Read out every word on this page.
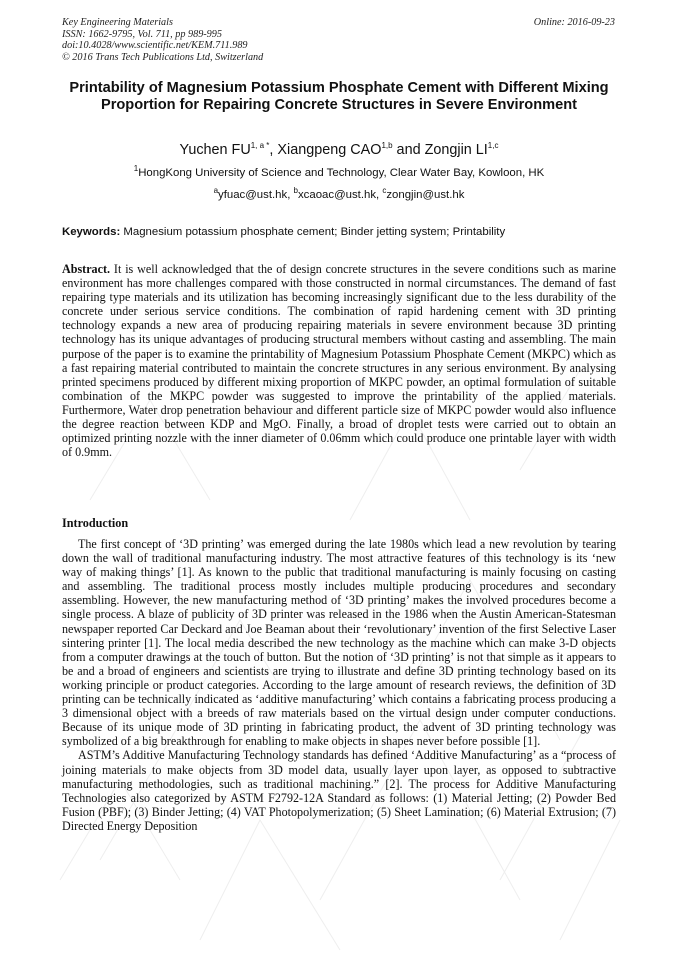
Key Engineering Materials
ISSN: 1662-9795, Vol. 711, pp 989-995
doi:10.4028/www.scientific.net/KEM.711.989
© 2016 Trans Tech Publications Ltd, Switzerland
Online: 2016-09-23
Printability of Magnesium Potassium Phosphate Cement with Different Mixing Proportion for Repairing Concrete Structures in Severe Environment
Yuchen $FU^{1, a *}$, Xiangpeng CAO$^{1,b}$ and Zongjin LI$^{1,c}$
$^1$HongKong University of Science and Technology, Clear Water Bay, Kowloon, HK
$^a$yfuac@ust.hk, $^b$xcaoac@ust.hk, $^c$zongjin@ust.hk
Keywords: Magnesium potassium phosphate cement; Binder jetting system; Printability
Abstract. It is well acknowledged that the of design concrete structures in the severe conditions such as marine environment has more challenges compared with those constructed in normal circumstances. The demand of fast repairing type materials and its utilization has becoming increasingly significant due to the less durability of the concrete under serious service conditions. The combination of rapid hardening cement with 3D printing technology expands a new area of producing repairing materials in severe environment because 3D printing technology has its unique advantages of producing structural members without casting and assembling. The main purpose of the paper is to examine the printability of Magnesium Potassium Phosphate Cement (MKPC) which as a fast repairing material contributed to maintain the concrete structures in any serious environment. By analysing printed specimens produced by different mixing proportion of MKPC powder, an optimal formulation of suitable combination of the MKPC powder was suggested to improve the printability of the applied materials. Furthermore, Water drop penetration behaviour and different particle size of MKPC powder would also influence the degree reaction between KDP and MgO. Finally, a broad of droplet tests were carried out to obtain an optimized printing nozzle with the inner diameter of 0.06mm which could produce one printable layer with width of 0.9mm.
Introduction

The first concept of ‘3D printing’ was emerged during the late 1980s which lead a new revolution by tearing down the wall of traditional manufacturing industry. The most attractive features of this technology is its ‘new way of making things’ [1]. As known to the public that traditional manufacturing is mainly focusing on casting and assembling. The traditional process mostly includes multiple producing procedures and secondary assembling. However, the new manufacturing method of ‘3D printing’ makes the involved procedures become a single process. A blaze of publicity of 3D printer was released in the 1986 when the Austin American-Statesman newspaper reported Car Deckard and Joe Beaman about their ‘revolutionary’ invention of the first Selective Laser sintering printer [1]. The local media described the new technology as the machine which can make 3-D objects from a computer drawings at the touch of button. But the notion of ‘3D printing’ is not that simple as it appears to be and a broad of engineers and scientists are trying to illustrate and define 3D printing technology based on its working principle or product categories. According to the large amount of research reviews, the definition of 3D printing can be technically indicated as ‘additive manufacturing’ which contains a fabricating process producing a 3 dimensional object with a breeds of raw materials based on the virtual design under computer conductions. Because of its unique mode of 3D printing in fabricating product, the advent of 3D printing technology was symbolized of a big breakthrough for enabling to make objects in shapes never before possible [1].

ASTM’s Additive Manufacturing Technology standards has defined ‘Additive Manufacturing’ as a “process of joining materials to make objects from 3D model data, usually layer upon layer, as opposed to subtractive manufacturing methodologies, such as traditional machining.” [2]. The process for Additive Manufacturing Technologies also categorized by ASTM F2792-12A Standard as follows: (1) Material Jetting; (2) Powder Bed Fusion (PBF); (3) Binder Jetting; (4) VAT Photopolymerization; (5) Sheet Lamination; (6) Material Extrusion; (7) Directed Energy Deposition
